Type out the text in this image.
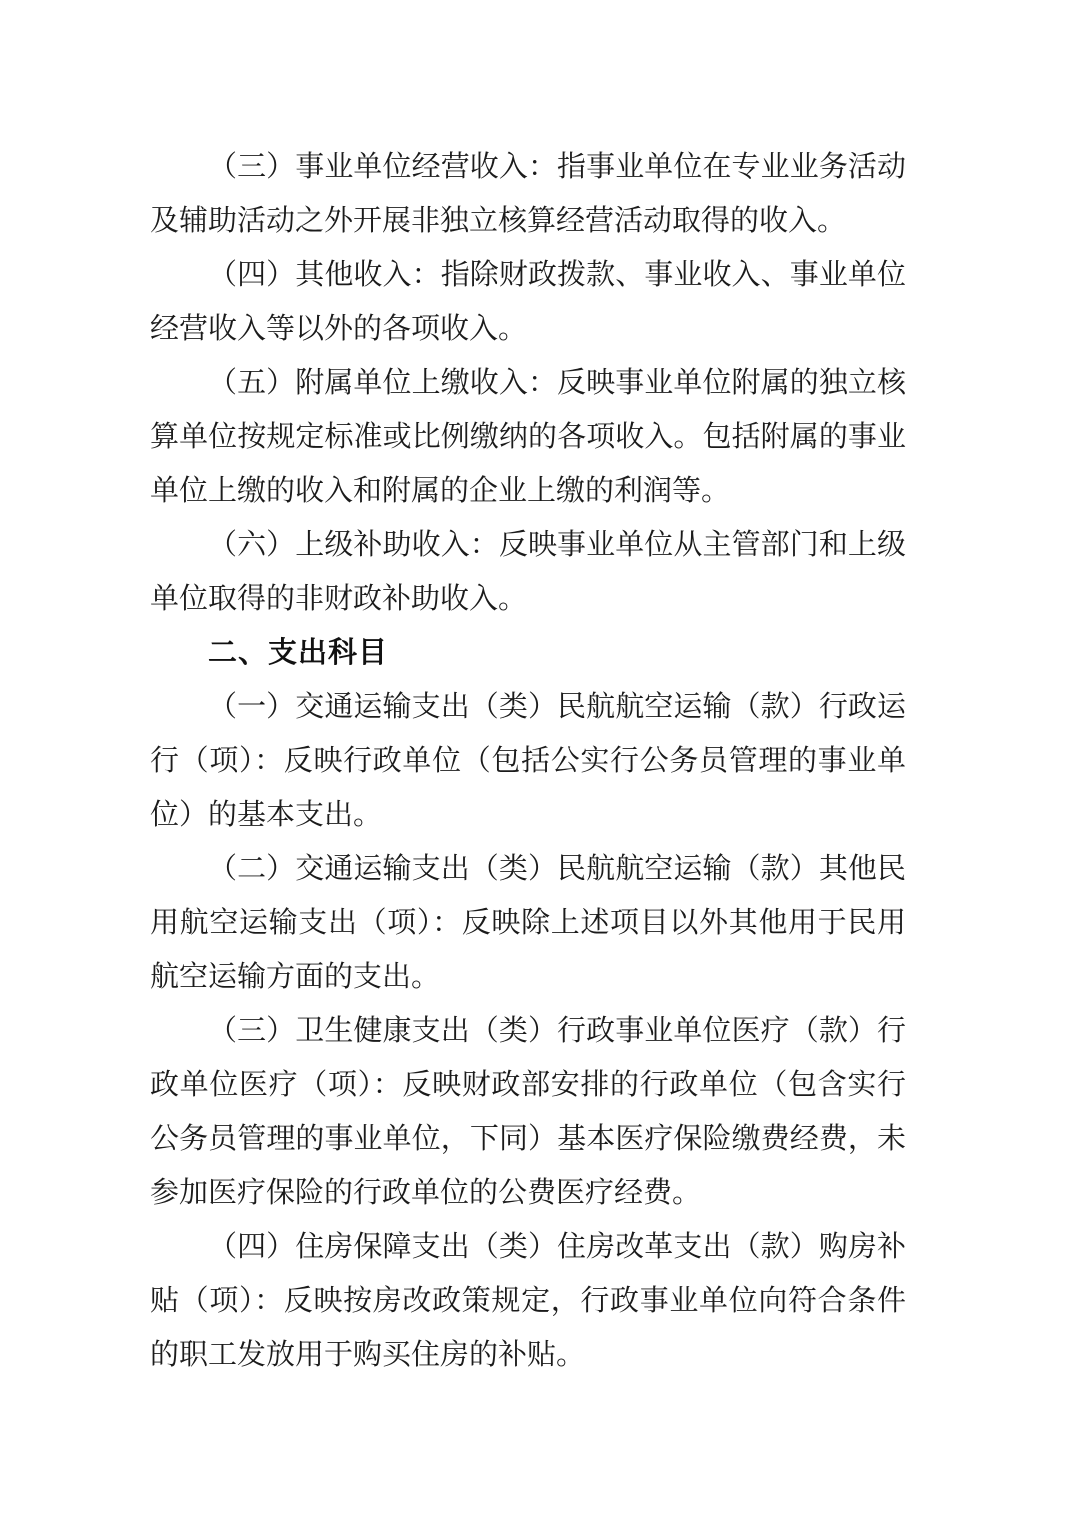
（三）事业单位经营收入：指事业单位在专业业务活动及辅助活动之外开展非独立核算经营活动取得的收入。

（四）其他收入：指除财政拨款、事业收入、事业单位经营收入等以外的各项收入。

（五）附属单位上缴收入：反映事业单位附属的独立核算单位按规定标准或比例缴纳的各项收入。包括附属的事业单位上缴的收入和附属的企业上缴的利润等。

（六）上级补助收入：反映事业单位从主管部门和上级单位取得的非财政补助收入。

二、支出科目

（一）交通运输支出（类）民航航空运输（款）行政运行（项）：反映行政单位（包括公实行公务员管理的事业单位）的基本支出。

（二）交通运输支出（类）民航航空运输（款）其他民用航空运输支出（项）：反映除上述项目以外其他用于民用航空运输方面的支出。

（三）卫生健康支出（类）行政事业单位医疗（款）行政单位医疗（项）：反映财政部安排的行政单位（包含实行公务员管理的事业单位，下同）基本医疗保险缴费经费，未参加医疗保险的行政单位的公费医疗经费。

（四）住房保障支出（类）住房改革支出（款）购房补贴（项）：反映按房改政策规定，行政事业单位向符合条件的职工发放用于购买住房的补贴。
